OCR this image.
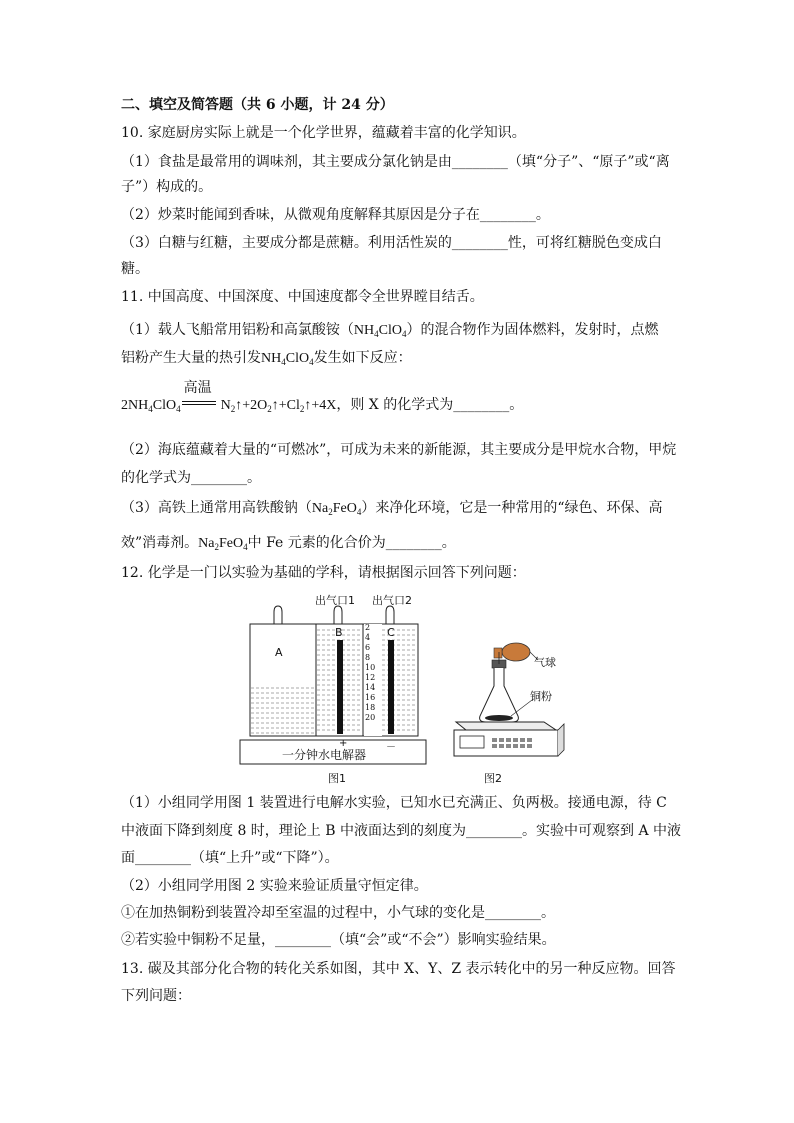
二、填空及简答题（共 6 小题，计 24 分）
10. 家庭厨房实际上就是一个化学世界，蕴藏着丰富的化学知识。
（1）食盐是最常用的调味剂，其主要成分氯化钠是由________（填“分子”、“原子”或“离
子”）构成的。
（2）炒菜时能闻到香味，从微观角度解释其原因是分子在________。
（3）白糖与红糖，主要成分都是蔗糖。利用活性炭的________性，可将红糖脱色变成白
糖。
11. 中国高度、中国深度、中国速度都令全世界瞠目结舌。
（1）载人飞船常用铝粉和高氯酸铵$(NH_4ClO_4)$的混合物作为固体燃料，发射时，点燃
铝粉产生大量的热引发$NH_4ClO_4$发生如下反应：
$2NH_4ClO_4$
高温
$N_2↑+2O_2↑+Cl_2↑+4X$，则 X 的化学式为________。
（2）海底蕴藏着大量的“可燃冰”，可成为未来的新能源，其主要成分是甲烷水合物，甲烷
的化学式为________。
（3）高铁上通常用高铁酸钠$(Na_2FeO_4)$来净化环境，它是一种常用的“绿色、环保、高
效”消毒剂。$Na_2FeO_4$中 Fe 元素的化合价为________。
12. 化学是一门以实验为基础的学科，请根据图示回答下列问题：
出气口1 出气口2
A
B	C
2
4
6
8
10
12
14
16
18
20
+	－
一分钟水电解器
图1
气球
铜粉
图2
（1）小组同学用图 1 装置进行电解水实验，已知水已充满正、负两极。接通电源，待 C
中液面下降到刻度 8 时，理论上 B 中液面达到的刻度为________。实验中可观察到 A 中液
面________（填“上升”或“下降”）。
（2）小组同学用图 2 实验来验证质量守恒定律。
①在加热铜粉到装置冷却至室温的过程中，小气球的变化是________。
②若实验中铜粉不足量，________（填“会”或“不会”）影响实验结果。
13. 碳及其部分化合物的转化关系如图，其中 X、Y、Z 表示转化中的另一种反应物。回答
下列问题：
